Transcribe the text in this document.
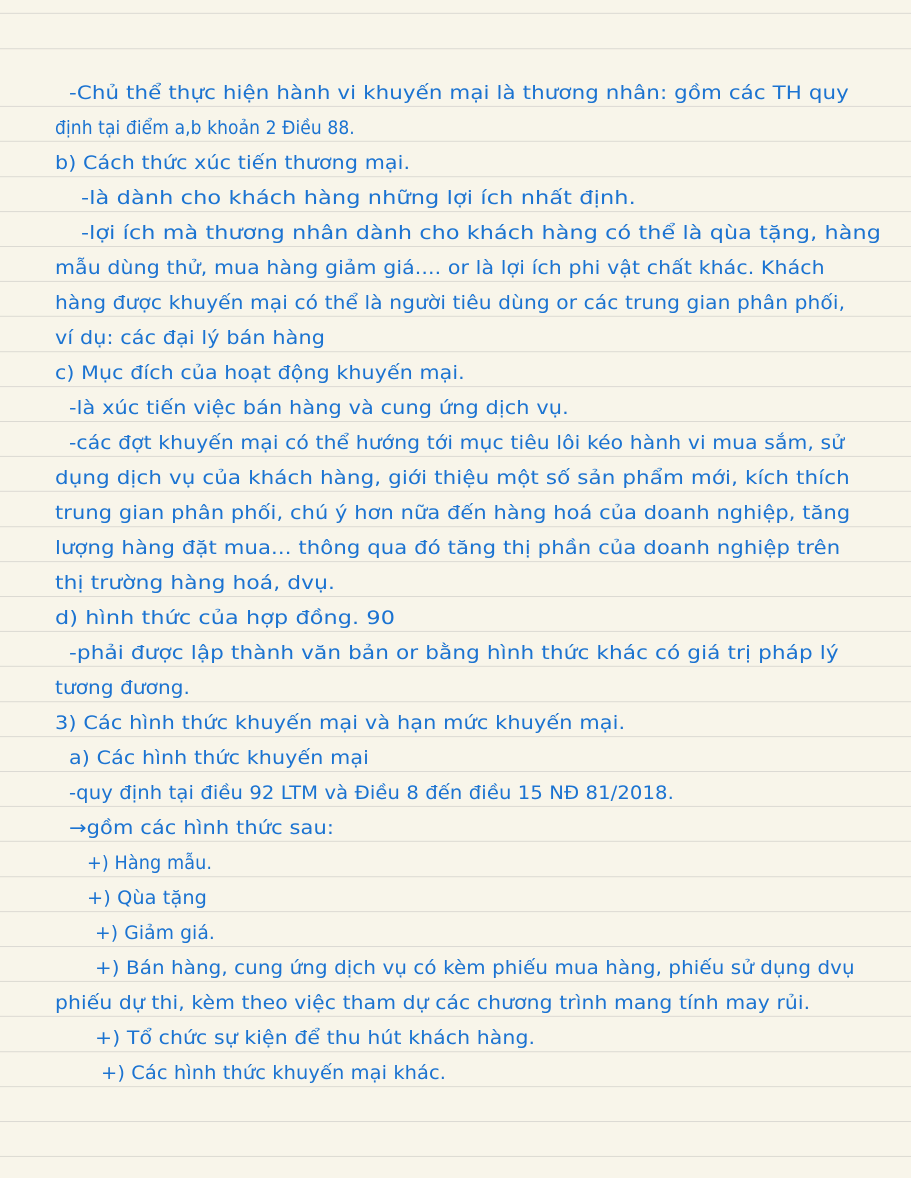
-Chủ thể thực hiện hành vi khuyến mại là thương nhân: gồm các TH quy
định tại điểm a,b khoản 2 Điều 88.
b) Cách thức xúc tiến thương mại.
-là dành cho khách hàng những lợi ích nhất định.
-lợi ích mà thương nhân dành cho khách hàng có thể là qùa tặng, hàng
mẫu dùng thử, mua hàng giảm giá.... or là lợi ích phi vật chất khác. Khách
hàng được khuyến mại có thể là người tiêu dùng or các trung gian phân phối,
ví dụ: các đại lý bán hàng
c) Mục đích của hoạt động khuyến mại.
-là xúc tiến việc bán hàng và cung ứng dịch vụ.
-các đợt khuyến mại có thể hướng tới mục tiêu lôi kéo hành vi mua sắm, sử
dụng dịch vụ của khách hàng, giới thiệu một số sản phẩm mới, kích thích
trung gian phân phối, chú ý hơn nữa đến hàng hoá của doanh nghiệp, tăng
lượng hàng đặt mua... thông qua đó tăng thị phần của doanh nghiệp trên
thị trường hàng hoá, dvụ.
d) hình thức của hợp đồng. 90
-phải được lập thành văn bản or bằng hình thức khác có giá trị pháp lý
tương đương.
3) Các hình thức khuyến mại và hạn mức khuyến mại.
a) Các hình thức khuyến mại
-quy định tại điều 92 LTM và Điều 8 đến điều 15 NĐ 81/2018.
→gồm các hình thức sau:
+) Hàng mẫu.
+) Qùa tặng
+) Giảm giá.
+) Bán hàng, cung ứng dịch vụ có kèm phiếu mua hàng, phiếu sử dụng dvụ
phiếu dự thi, kèm theo việc tham dự các chương trình mang tính may rủi.
+) Tổ chức sự kiện để thu hút khách hàng.
+) Các hình thức khuyến mại khác.
